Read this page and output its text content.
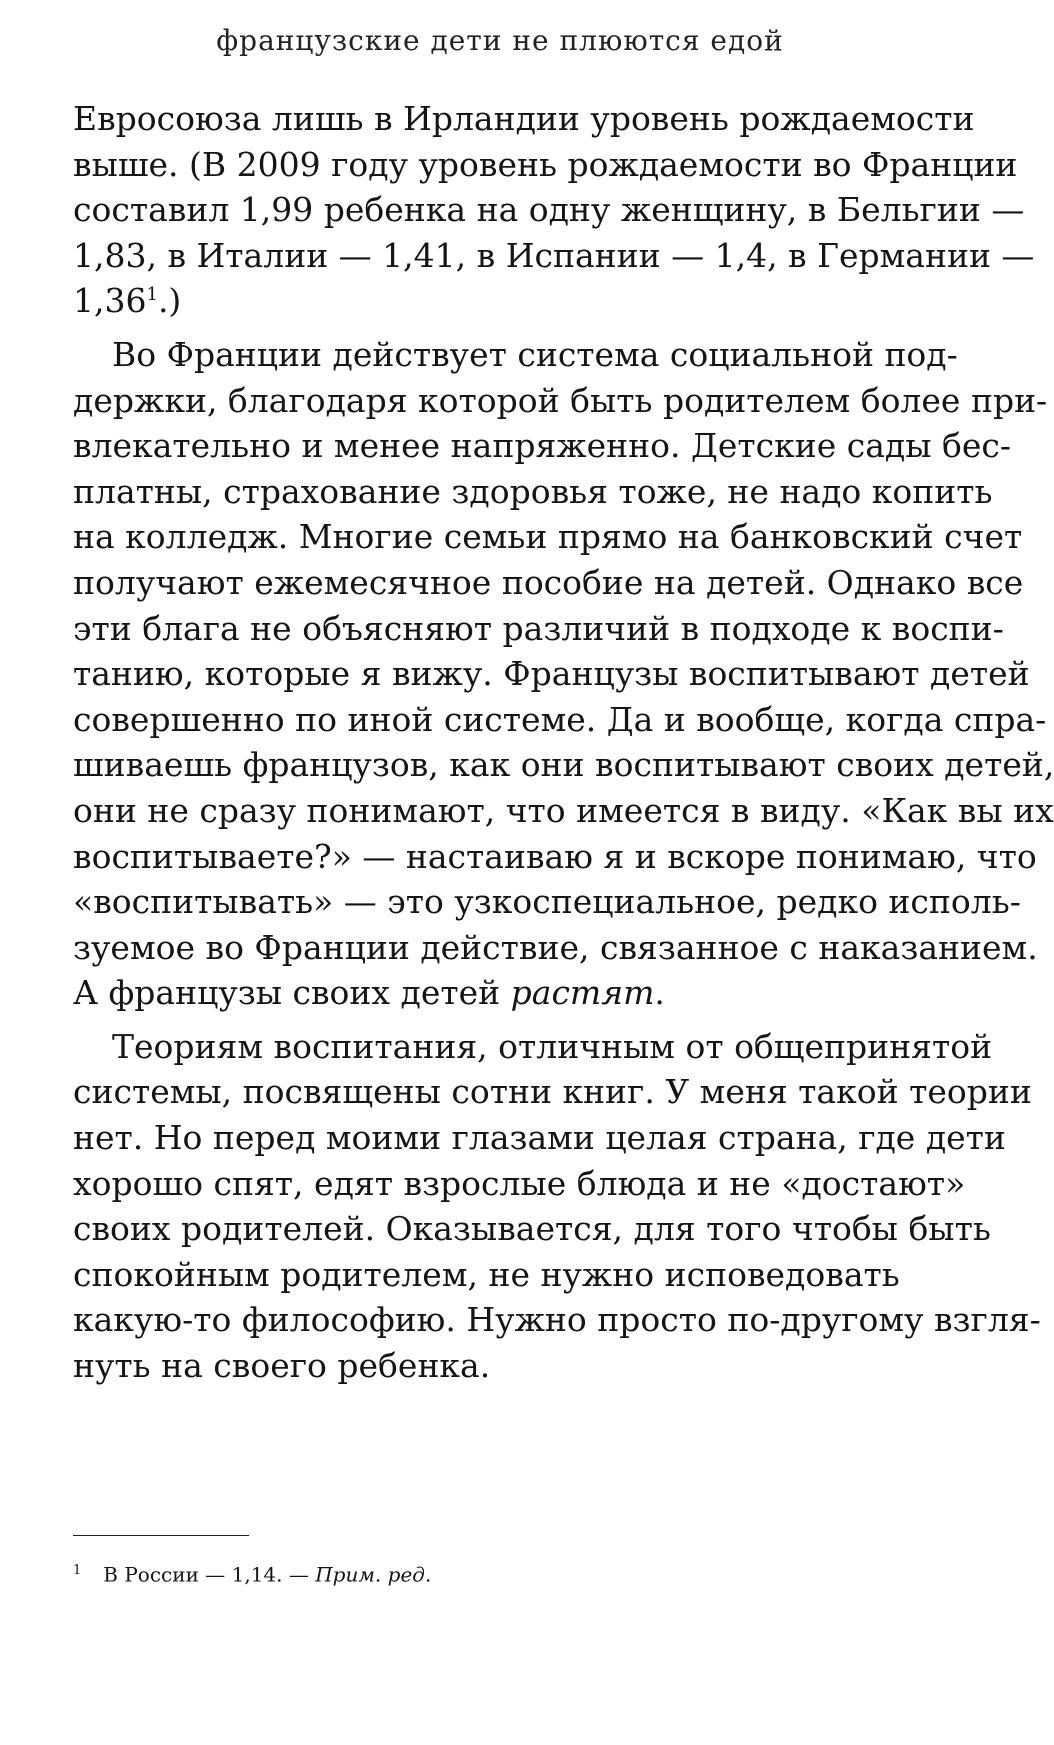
французские дети не плюются едой
Евросоюза лишь в Ирландии уровень рождаемости
выше. (В 2009 году уровень рождаемости во Франции
составил 1,99 ребенка на одну женщину, в Бельгии —
1,83, в Италии — 1,41, в Испании — 1,4, в Германии —
1,36$^1$.)
Во Франции действует система социальной под-
держки, благодаря которой быть родителем более при-
влекательно и менее напряженно. Детские сады бес-
платны, страхование здоровья тоже, не надо копить
на колледж. Многие семьи прямо на банковский счет
получают ежемесячное пособие на детей. Однако все
эти блага не объясняют различий в подходе к воспи-
танию, которые я вижу. Французы воспитывают детей
совершенно по иной системе. Да и вообще, когда спра-
шиваешь французов, как они воспитывают своих детей,
они не сразу понимают, что имеется в виду. «Как вы их
воспитываете?» — настаиваю я и вскоре понимаю, что
«воспитывать» — это узкоспециальное, редко исполь-
зуемое во Франции действие, связанное с наказанием.
А французы своих детей растят.
Теориям воспитания, отличным от общепринятой
системы, посвящены сотни книг. У меня такой теории
нет. Но перед моими глазами целая страна, где дети
хорошо спят, едят взрослые блюда и не «достают»
своих родителей. Оказывается, для того чтобы быть
спокойным родителем, не нужно исповедовать
какую-то философию. Нужно просто по-другому взгля-
нуть на своего ребенка.
$^1$ В России — 1,14. — Прим. ред.
